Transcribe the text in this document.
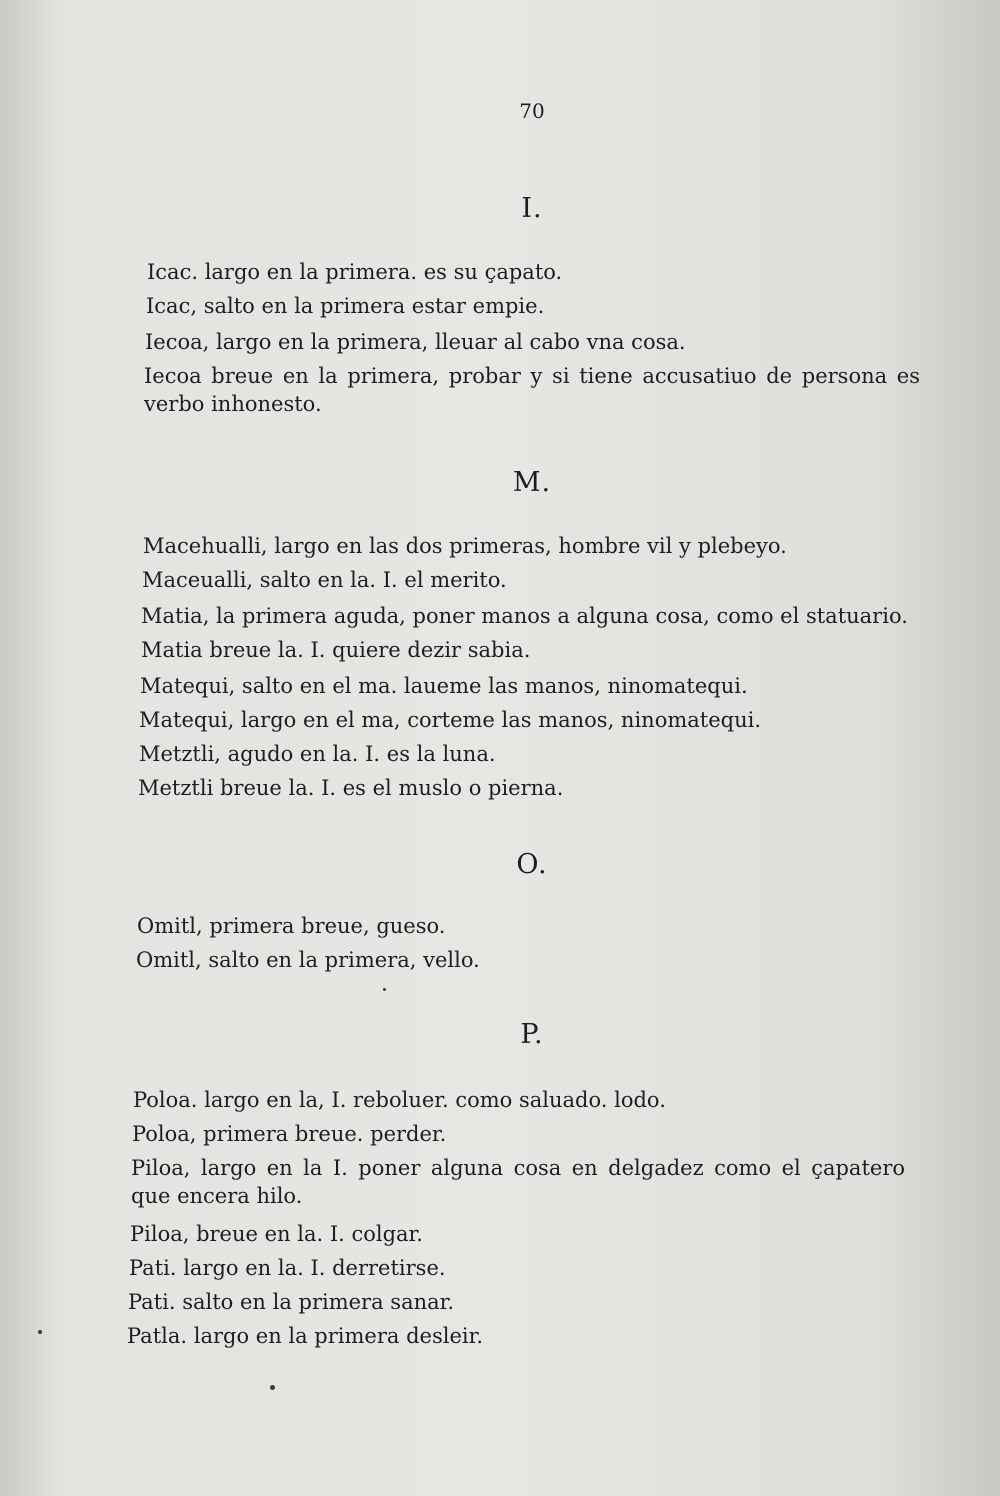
70
I.
Icac. largo en la primera. es su çapato.
Icac, salto en la primera estar empie.
Iecoa, largo en la primera, lleuar al cabo vna cosa.
Iecoa breue en la primera, probar y si tiene accusatiuo de persona es verbo inhonesto.
M.
Macehualli, largo en las dos primeras, hombre vil y plebeyo.
Maceualli, salto en la. I. el merito.
Matia, la primera aguda, poner manos a alguna cosa, como el statuario.
Matia breue la. I. quiere dezir sabia.
Matequi, salto en el ma. laueme las manos, ninomatequi.
Matequi, largo en el ma, corteme las manos, ninomatequi.
Metztli, agudo en la. I. es la luna.
Metztli breue la. I. es el muslo o pierna.
O.
Omitl, primera breue, gueso.
Omitl, salto en la primera, vello.
P.
Poloa. largo en la, I. reboluer. como saluado. lodo.
Poloa, primera breue. perder.
Piloa, largo en la I. poner alguna cosa en delgadez como el çapatero que encera hilo.
Piloa, breue en la. I. colgar.
Pati. largo en la. I. derretirse.
Pati. salto en la primera sanar.
Patla. largo en la primera desleir.
